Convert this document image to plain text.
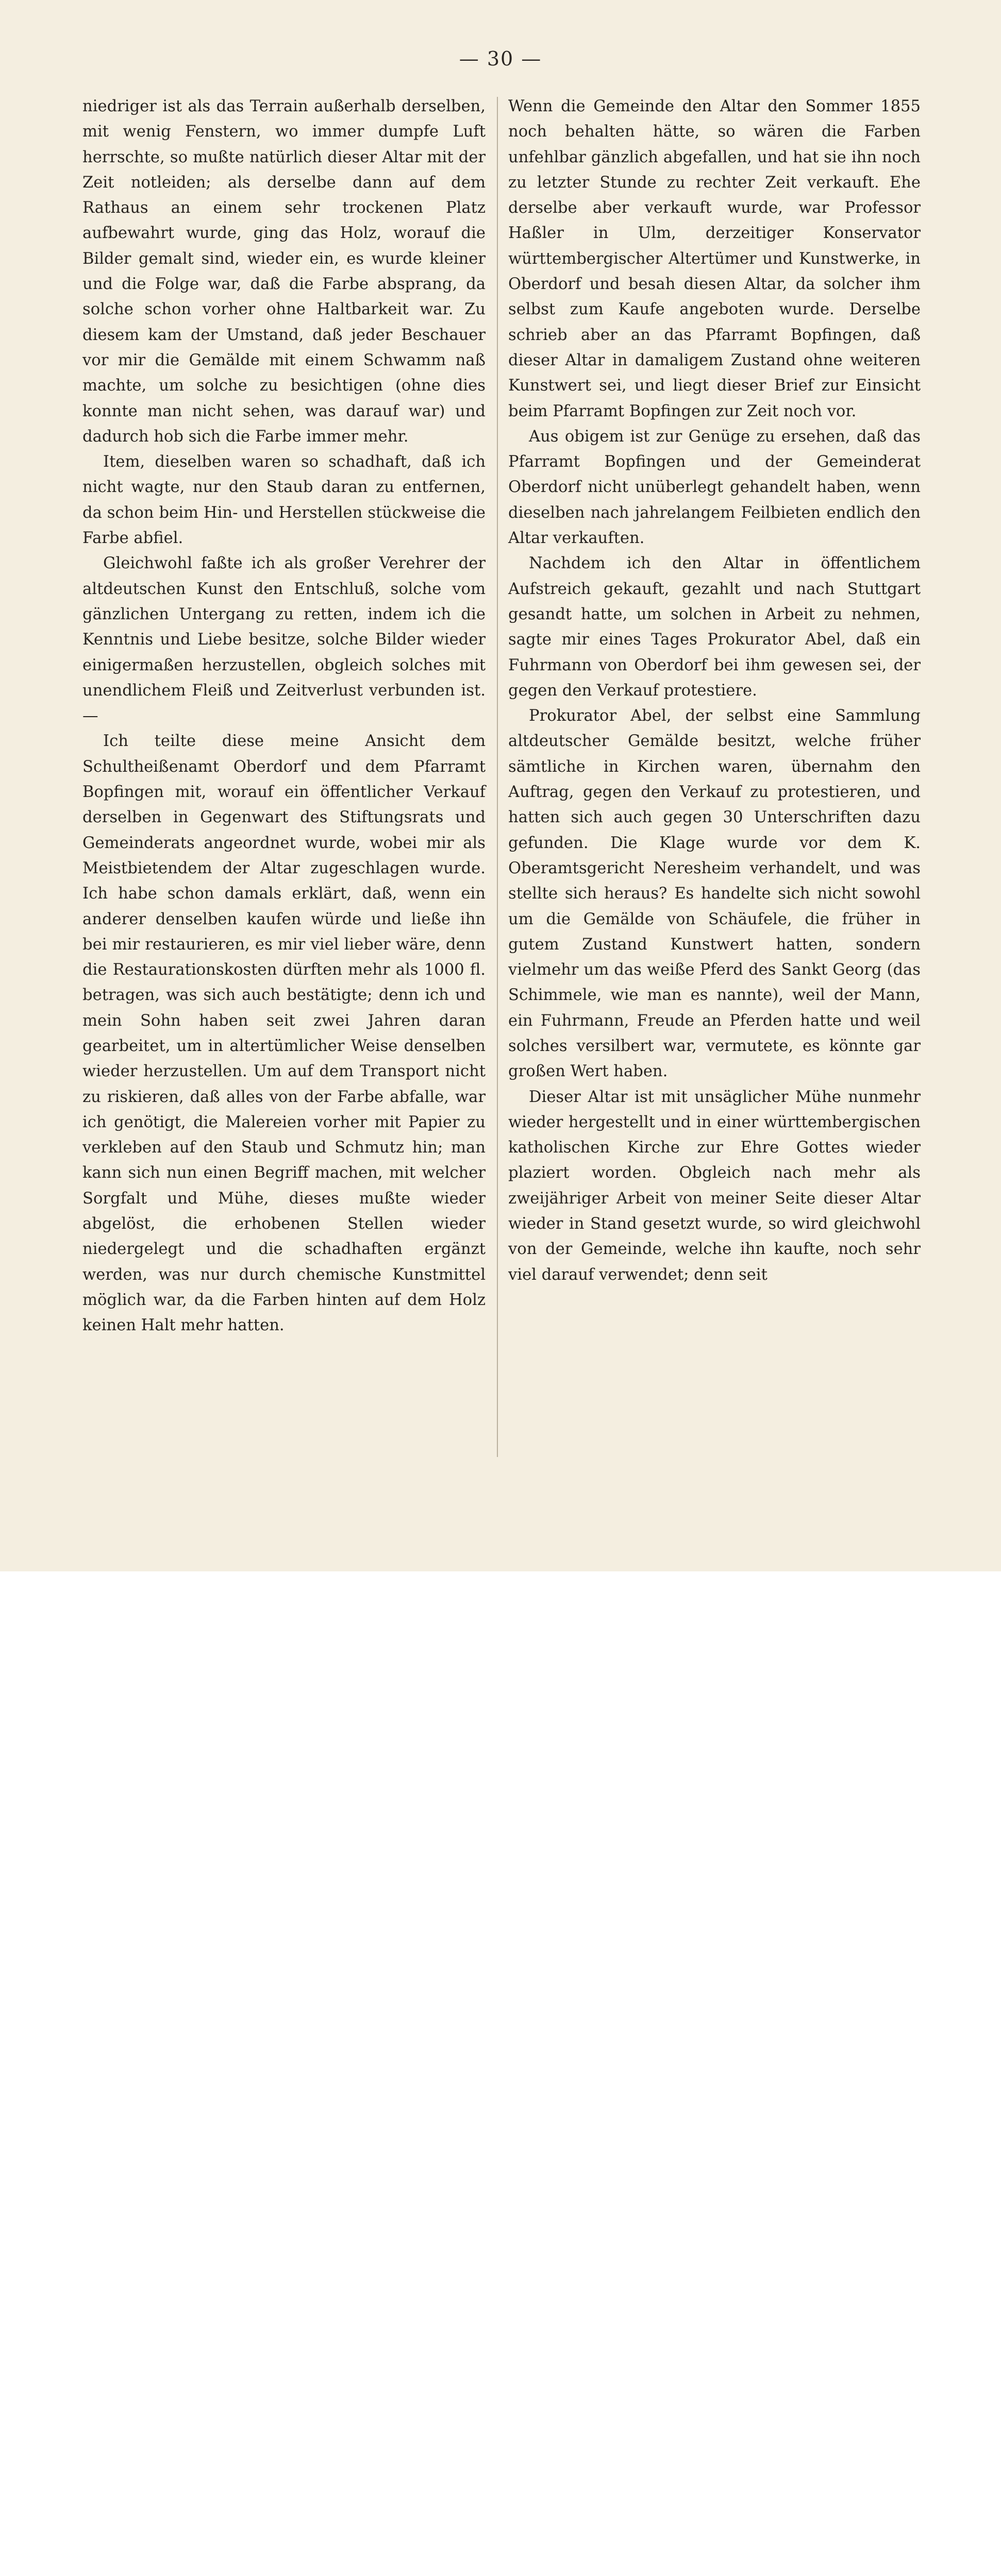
— 30 —

niedriger ist als das Terrain außerhalb derselben, mit wenig Fenstern, wo immer dumpfe Luft herrschte, so mußte natürlich dieser Altar mit der Zeit notleiden; als derselbe dann auf dem Rathaus an einem sehr trockenen Platz aufbewahrt wurde, ging das Holz, worauf die Bilder gemalt sind, wieder ein, es wurde kleiner und die Folge war, daß die Farbe absprang, da solche schon vorher ohne Haltbarkeit war. Zu diesem kam der Umstand, daß jeder Beschauer vor mir die Gemälde mit einem Schwamm naß machte, um solche zu besichtigen (ohne dies konnte man nicht sehen, was darauf war) und dadurch hob sich die Farbe immer mehr.

Item, dieselben waren so schadhaft, daß ich nicht wagte, nur den Staub daran zu entfernen, da schon beim Hin- und Herstellen stückweise die Farbe abfiel.

Gleichwohl faßte ich als großer Verehrer der altdeutschen Kunst den Entschluß, solche vom gänzlichen Untergang zu retten, indem ich die Kenntnis und Liebe besitze, solche Bilder wieder einigermaßen herzustellen, obgleich solches mit unendlichem Fleiß und Zeitverlust verbunden ist. —

Ich teilte diese meine Ansicht dem Schultheißenamt Oberdorf und dem Pfarramt Bopfingen mit, worauf ein öffentlicher Verkauf derselben in Gegenwart des Stiftungsrats und Gemeinderats angeordnet wurde, wobei mir als Meistbietendem der Altar zugeschlagen wurde. Ich habe schon damals erklärt, daß, wenn ein anderer denselben kaufen würde und ließe ihn bei mir restaurieren, es mir viel lieber wäre, denn die Restaurationskosten dürften mehr als 1000 fl. betragen, was sich auch bestätigte; denn ich und mein Sohn haben seit zwei Jahren daran gearbeitet, um in altertümlicher Weise denselben wieder herzustellen. Um auf dem Transport nicht zu riskieren, daß alles von der Farbe abfalle, war ich genötigt, die Malereien vorher mit Papier zu verkleben auf den Staub und Schmutz hin; man kann sich nun einen Begriff machen, mit welcher Sorgfalt und Mühe, dieses mußte wieder abgelöst, die erhobenen Stellen wieder niedergelegt und die schadhaften ergänzt werden, was nur durch chemische Kunstmittel möglich war, da die Farben hinten auf dem Holz keinen Halt mehr hatten.

Wenn die Gemeinde den Altar den Sommer 1855 noch behalten hätte, so wären die Farben unfehlbar gänzlich abgefallen, und hat sie ihn noch zu letzter Stunde zu rechter Zeit verkauft. Ehe derselbe aber verkauft wurde, war Professor Haßler in Ulm, derzeitiger Konservator württembergischer Altertümer und Kunstwerke, in Oberdorf und besah diesen Altar, da solcher ihm selbst zum Kaufe angeboten wurde. Derselbe schrieb aber an das Pfarramt Bopfingen, daß dieser Altar in damaligem Zustand ohne weiteren Kunstwert sei, und liegt dieser Brief zur Einsicht beim Pfarramt Bopfingen zur Zeit noch vor.

Aus obigem ist zur Genüge zu ersehen, daß das Pfarramt Bopfingen und der Gemeinderat Oberdorf nicht unüberlegt gehandelt haben, wenn dieselben nach jahrelangem Feilbieten endlich den Altar verkauften.

Nachdem ich den Altar in öffentlichem Aufstreich gekauft, gezahlt und nach Stuttgart gesandt hatte, um solchen in Arbeit zu nehmen, sagte mir eines Tages Prokurator Abel, daß ein Fuhrmann von Oberdorf bei ihm gewesen sei, der gegen den Verkauf protestiere.

Prokurator Abel, der selbst eine Sammlung altdeutscher Gemälde besitzt, welche früher sämtliche in Kirchen waren, übernahm den Auftrag, gegen den Verkauf zu protestieren, und hatten sich auch gegen 30 Unterschriften dazu gefunden. Die Klage wurde vor dem K. Oberamtsgericht Neresheim verhandelt, und was stellte sich heraus? Es handelte sich nicht sowohl um die Gemälde von Schäufele, die früher in gutem Zustand Kunstwert hatten, sondern vielmehr um das weiße Pferd des Sankt Georg (das Schimmele, wie man es nannte), weil der Mann, ein Fuhrmann, Freude an Pferden hatte und weil solches versilbert war, vermutete, es könnte gar großen Wert haben.

Dieser Altar ist mit unsäglicher Mühe nunmehr wieder hergestellt und in einer württembergischen katholischen Kirche zur Ehre Gottes wieder plaziert worden. Obgleich nach mehr als zweijähriger Arbeit von meiner Seite dieser Altar wieder in Stand gesetzt wurde, so wird gleichwohl von der Gemeinde, welche ihn kaufte, noch sehr viel darauf verwendet; denn seit
